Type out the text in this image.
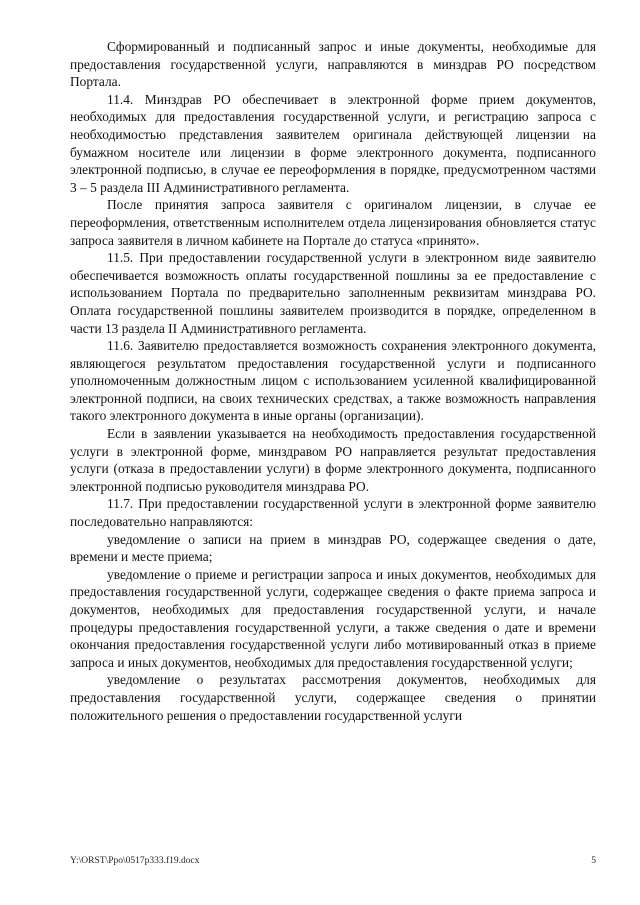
Сформированный и подписанный запрос и иные документы, необходимые для предоставления государственной услуги, направляются в минздрав РО посредством Портала.

11.4. Минздрав РО обеспечивает в электронной форме прием документов, необходимых для предоставления государственной услуги, и регистрацию запроса с необходимостью представления заявителем оригинала действующей лицензии на бумажном носителе или лицензии в форме электронного документа, подписанного электронной подписью, в случае ее переоформления в порядке, предусмотренном частями 3 – 5 раздела III Административного регламента.

После принятия запроса заявителя с оригиналом лицензии, в случае ее переоформления, ответственным исполнителем отдела лицензирования обновляется статус запроса заявителя в личном кабинете на Портале до статуса «принято».

11.5. При предоставлении государственной услуги в электронном виде заявителю обеспечивается возможность оплаты государственной пошлины за ее предоставление с использованием Портала по предварительно заполненным реквизитам минздрава РО. Оплата государственной пошлины заявителем производится в порядке, определенном в части 13 раздела II Административного регламента.

11.6. Заявителю предоставляется возможность сохранения электронного документа, являющегося результатом предоставления государственной услуги и подписанного уполномоченным должностным лицом с использованием усиленной квалифицированной электронной подписи, на своих технических средствах, а также возможность направления такого электронного документа в иные органы (организации).

Если в заявлении указывается на необходимость предоставления государственной услуги в электронной форме, минздравом РО направляется результат предоставления услуги (отказа в предоставлении услуги) в форме электронного документа, подписанного электронной подписью руководителя минздрава РО.

11.7. При предоставлении государственной услуги в электронной форме заявителю последовательно направляются:

уведомление о записи на прием в минздрав РО, содержащее сведения о дате, времени и месте приема;

уведомление о приеме и регистрации запроса и иных документов, необходимых для предоставления государственной услуги, содержащее сведения о факте приема запроса и документов, необходимых для предоставления государственной услуги, и начале процедуры предоставления государственной услуги, а также сведения о дате и времени окончания предоставления государственной услуги либо мотивированный отказ в приеме запроса и иных документов, необходимых для предоставления государственной услуги;

уведомление о результатах рассмотрения документов, необходимых для предоставления государственной услуги, содержащее сведения о принятии положительного решения о предоставлении государственной услуги

Y:\ORST\Ppo\0517p333.f19.docx	5
